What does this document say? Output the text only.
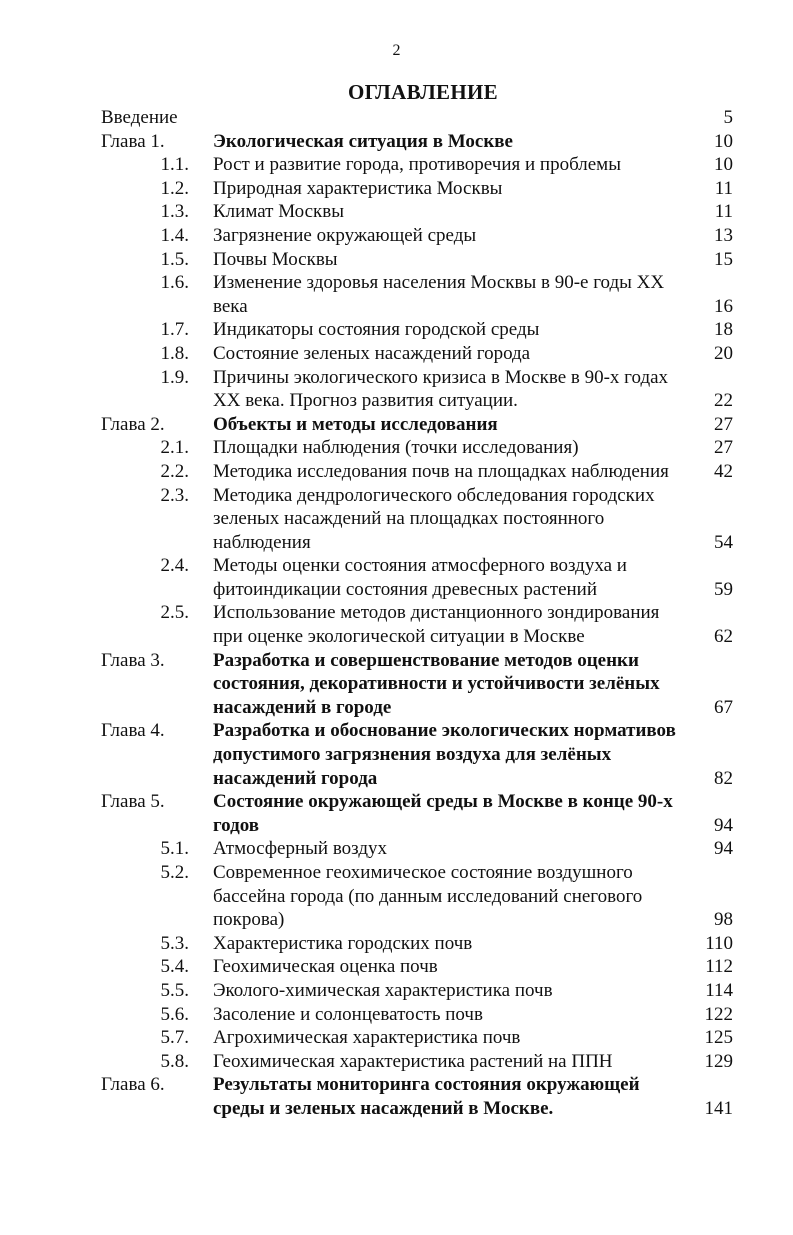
2
ОГЛАВЛЕНИЕ
Введение	5
Глава 1.	Экологическая ситуация в Москве	10
1.1. Рост и развитие города, противоречия и проблемы	10
1.2. Природная характеристика Москвы	11
1.3. Климат Москвы	11
1.4. Загрязнение окружающей среды	13
1.5. Почвы Москвы	15
1.6. Изменение здоровья населения Москвы в 90-е годы XX века	16
1.7. Индикаторы состояния городской среды	18
1.8. Состояние зеленых насаждений города	20
1.9. Причины экологического кризиса в Москве в 90-х годах XX века. Прогноз развития ситуации.	22
Глава 2.	Объекты и методы исследования	27
2.1. Площадки наблюдения (точки исследования)	27
2.2. Методика исследования почв на площадках наблюдения	42
2.3. Методика дендрологического обследования городских зеленых насаждений на площадках постоянного наблюдения	54
2.4. Методы оценки состояния атмосферного воздуха и фитоиндикации состояния древесных растений	59
2.5. Использование методов дистанционного зондирования при оценке экологической ситуации в Москве	62
Глава 3.	Разработка и совершенствование методов оценки состояния, декоративности и устойчивости зелёных насаждений в городе	67
Глава 4.	Разработка и обоснование экологических нормативов допустимого загрязнения воздуха для зелёных насаждений города	82
Глава 5.	Состояние окружающей среды в Москве в конце 90-х годов	94
5.1. Атмосферный воздух	94
5.2. Современное геохимическое состояние воздушного бассейна города (по данным исследований снегового покрова)	98
5.3. Характеристика городских почв	110
5.4. Геохимическая оценка почв	112
5.5. Эколого-химическая характеристика почв	114
5.6. Засоление и солонцеватость почв	122
5.7. Агрохимическая характеристика почв	125
5.8. Геохимическая характеристика растений на ППН	129
Глава 6.	Результаты мониторинга состояния окружающей среды и зеленых насаждений в Москве.	141
